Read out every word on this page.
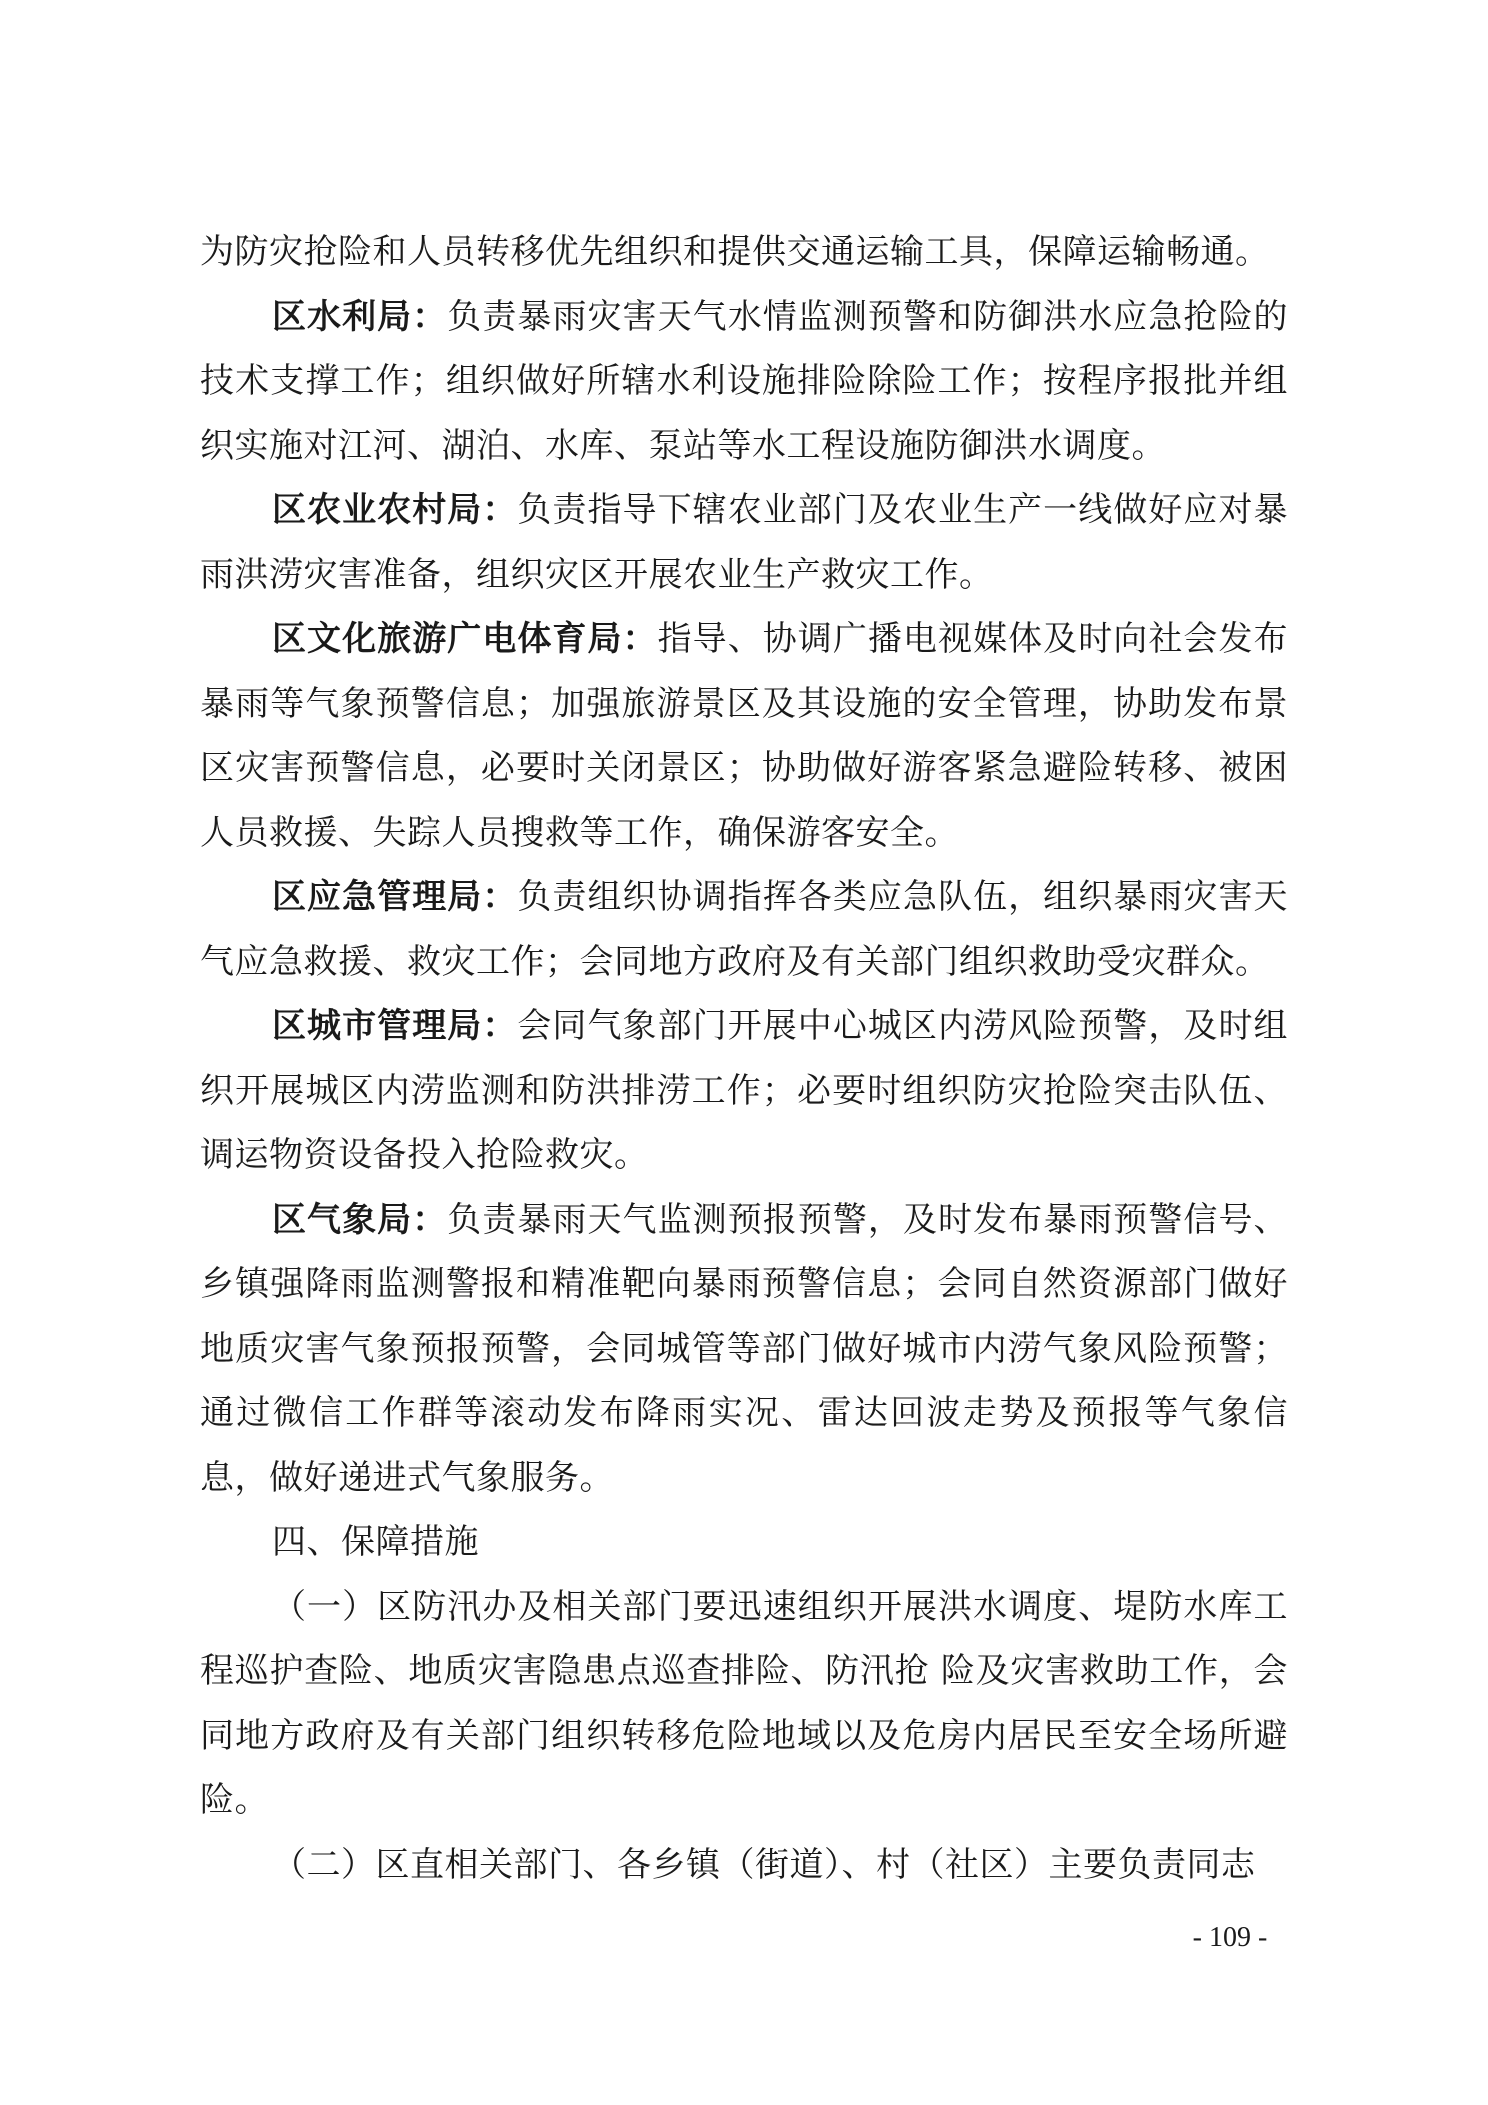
为防灾抢险和人员转移优先组织和提供交通运输工具，保障运输畅通。

区水利局：负责暴雨灾害天气水情监测预警和防御洪水应急抢险的技术支撑工作；组织做好所辖水利设施排险除险工作；按程序报批并组织实施对江河、湖泊、水库、泵站等水工程设施防御洪水调度。

区农业农村局：负责指导下辖农业部门及农业生产一线做好应对暴雨洪涝灾害准备，组织灾区开展农业生产救灾工作。

区文化旅游广电体育局：指导、协调广播电视媒体及时向社会发布暴雨等气象预警信息；加强旅游景区及其设施的安全管理，协助发布景区灾害预警信息，必要时关闭景区；协助做好游客紧急避险转移、被困人员救援、失踪人员搜救等工作，确保游客安全。

区应急管理局：负责组织协调指挥各类应急队伍，组织暴雨灾害天气应急救援、救灾工作；会同地方政府及有关部门组织救助受灾群众。

区城市管理局：会同气象部门开展中心城区内涝风险预警，及时组织开展城区内涝监测和防洪排涝工作；必要时组织防灾抢险突击队伍、调运物资设备投入抢险救灾。

区气象局：负责暴雨天气监测预报预警，及时发布暴雨预警信号、乡镇强降雨监测警报和精准靶向暴雨预警信息；会同自然资源部门做好地质灾害气象预报预警，会同城管等部门做好城市内涝气象风险预警；通过微信工作群等滚动发布降雨实况、雷达回波走势及预报等气象信息，做好递进式气象服务。

四、保障措施

（一）区防汛办及相关部门要迅速组织开展洪水调度、堤防水库工程巡护查险、地质灾害隐患点巡查排险、防汛抢 险及灾害救助工作，会同地方政府及有关部门组织转移危险地域以及危房内居民至安全场所避险。

（二）区直相关部门、各乡镇（街道）、村（社区）主要负责同志

- 109 -
